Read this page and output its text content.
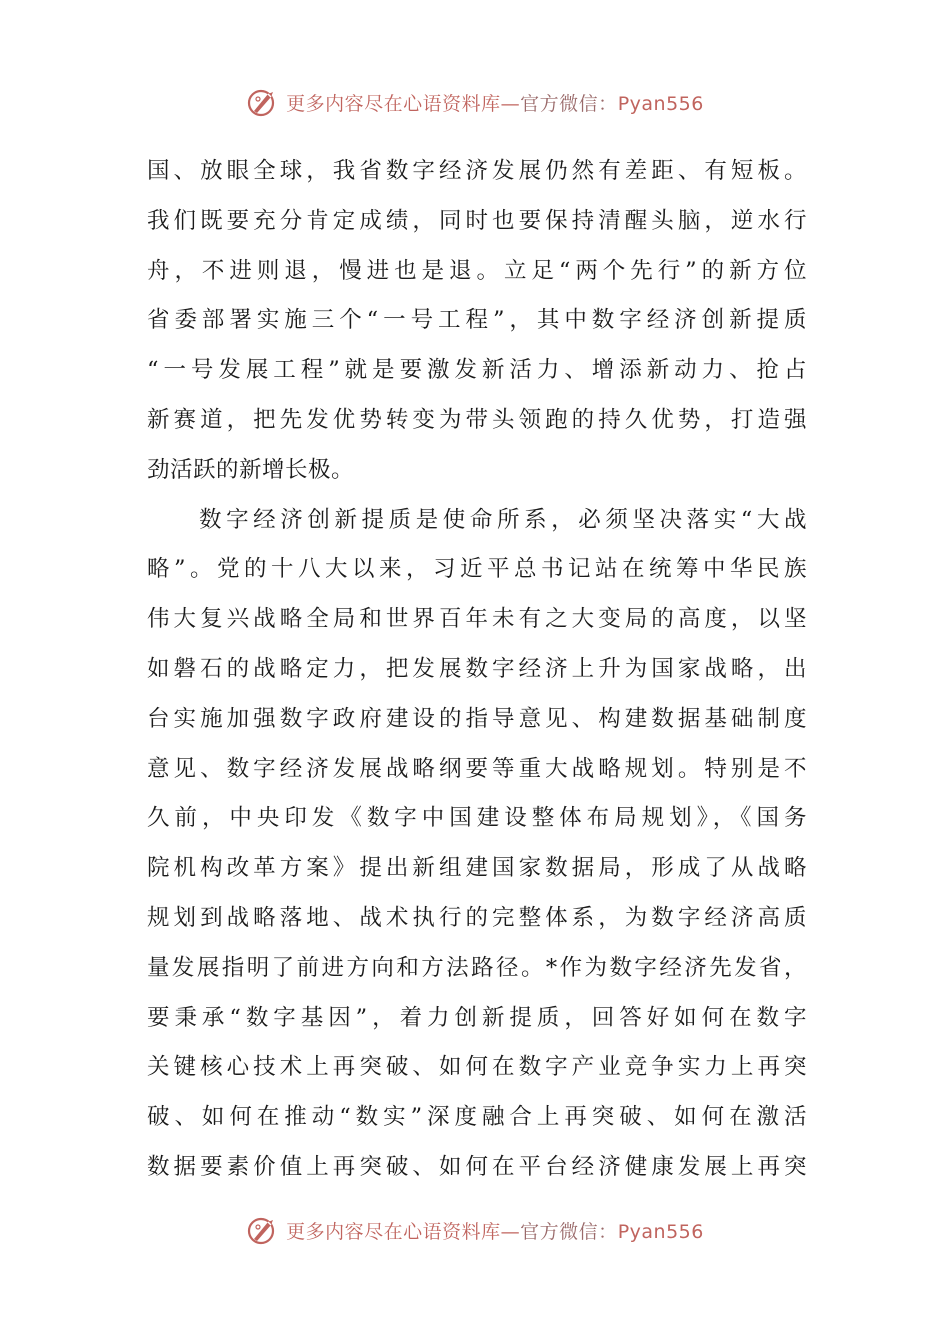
更多内容尽在心语资料库—官方微信：Pyan556
国、放眼全球，我省数字经济发展仍然有差距、有短板。
我们既要充分肯定成绩，同时也要保持清醒头脑，逆水行
舟，不进则退，慢进也是退。立足“两个先行”的新方位
省委部署实施三个“一号工程”，其中数字经济创新提质
“一号发展工程”就是要激发新活力、增添新动力、抢占
新赛道，把先发优势转变为带头领跑的持久优势，打造强
劲活跃的新增长极。
数字经济创新提质是使命所系，必须坚决落实“大战
略”。党的十八大以来，习近平总书记站在统筹中华民族
伟大复兴战略全局和世界百年未有之大变局的高度，以坚
如磐石的战略定力，把发展数字经济上升为国家战略，出
台实施加强数字政府建设的指导意见、构建数据基础制度
意见、数字经济发展战略纲要等重大战略规划。特别是不
久前，中央印发《数字中国建设整体布局规划》，《国务
院机构改革方案》提出新组建国家数据局，形成了从战略
规划到战略落地、战术执行的完整体系，为数字经济高质
量发展指明了前进方向和方法路径。*作为数字经济先发省，
要秉承“数字基因”，着力创新提质，回答好如何在数字
关键核心技术上再突破、如何在数字产业竞争实力上再突
破、如何在推动“数实”深度融合上再突破、如何在激活
数据要素价值上再突破、如何在平台经济健康发展上再突
更多内容尽在心语资料库—官方微信：Pyan556
